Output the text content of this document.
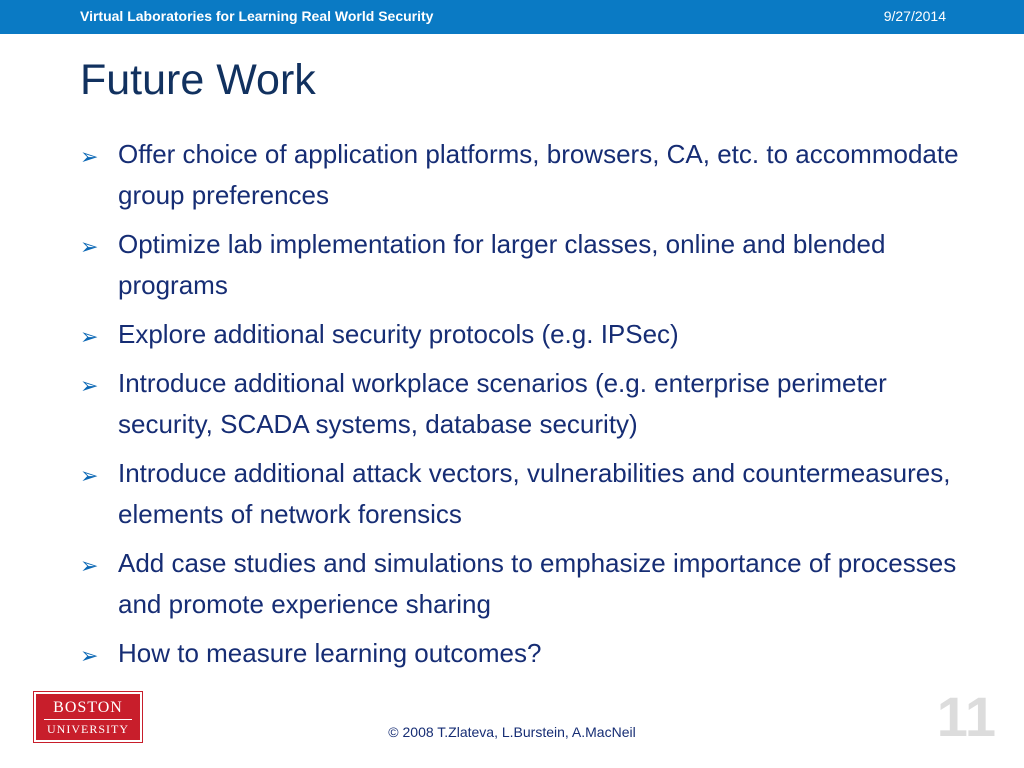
Virtual Laboratories for Learning Real World Security	9/27/2014
Future Work
➢ Offer choice of application platforms, browsers, CA, etc. to accommodate group preferences
➢ Optimize lab implementation for larger classes, online and blended programs
➢ Explore additional security protocols (e.g. IPSec)
➢ Introduce additional workplace scenarios (e.g. enterprise perimeter security, SCADA systems, database security)
➢ Introduce additional attack vectors, vulnerabilities and countermeasures, elements of network forensics
➢ Add case studies and simulations to emphasize importance of processes and promote experience sharing
➢ How to measure learning outcomes?
BOSTON
UNIVERSITY	© 2008 T.Zlateva, L.Burstein, A.MacNeil	11
